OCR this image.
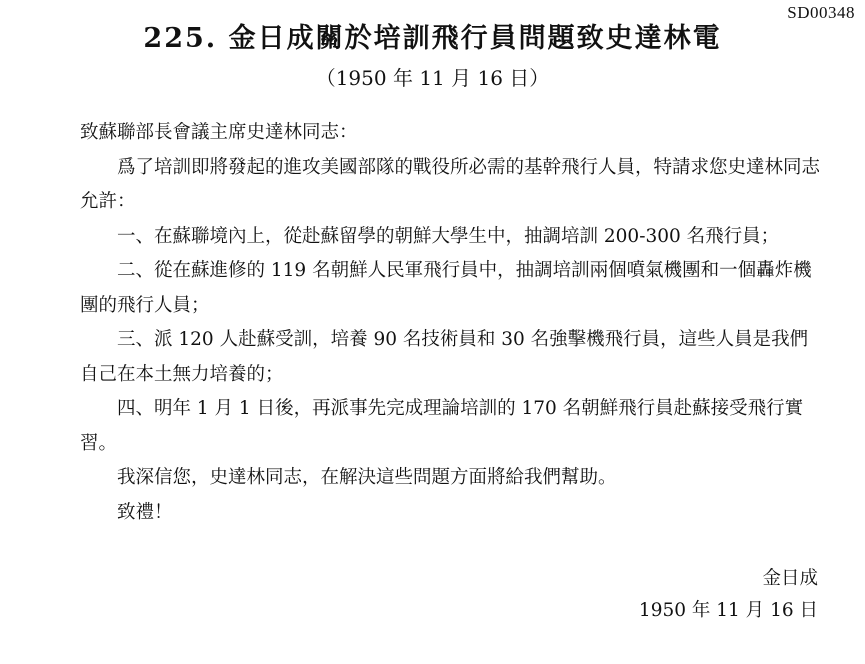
SD00348
225. 金日成關於培訓飛行員問題致史達林電
（1950 年 11 月 16 日）

致蘇聯部長會議主席史達林同志：

爲了培訓即將發起的進攻美國部隊的戰役所必需的基幹飛行人員，特請求您史達林同志允許：

一、在蘇聯境內上，從赴蘇留學的朝鮮大學生中，抽調培訓 200-300 名飛行員；

二、從在蘇進修的 119 名朝鮮人民軍飛行員中，抽調培訓兩個噴氣機團和一個轟炸機團的飛行人員；

三、派 120 人赴蘇受訓，培養 90 名技術員和 30 名強擊機飛行員，這些人員是我們自己在本土無力培養的；

四、明年 1 月 1 日後，再派事先完成理論培訓的 170 名朝鮮飛行員赴蘇接受飛行實習。

我深信您，史達林同志，在解決這些問題方面將給我們幫助。

致禮！

金日成
1950 年 11 月 16 日
